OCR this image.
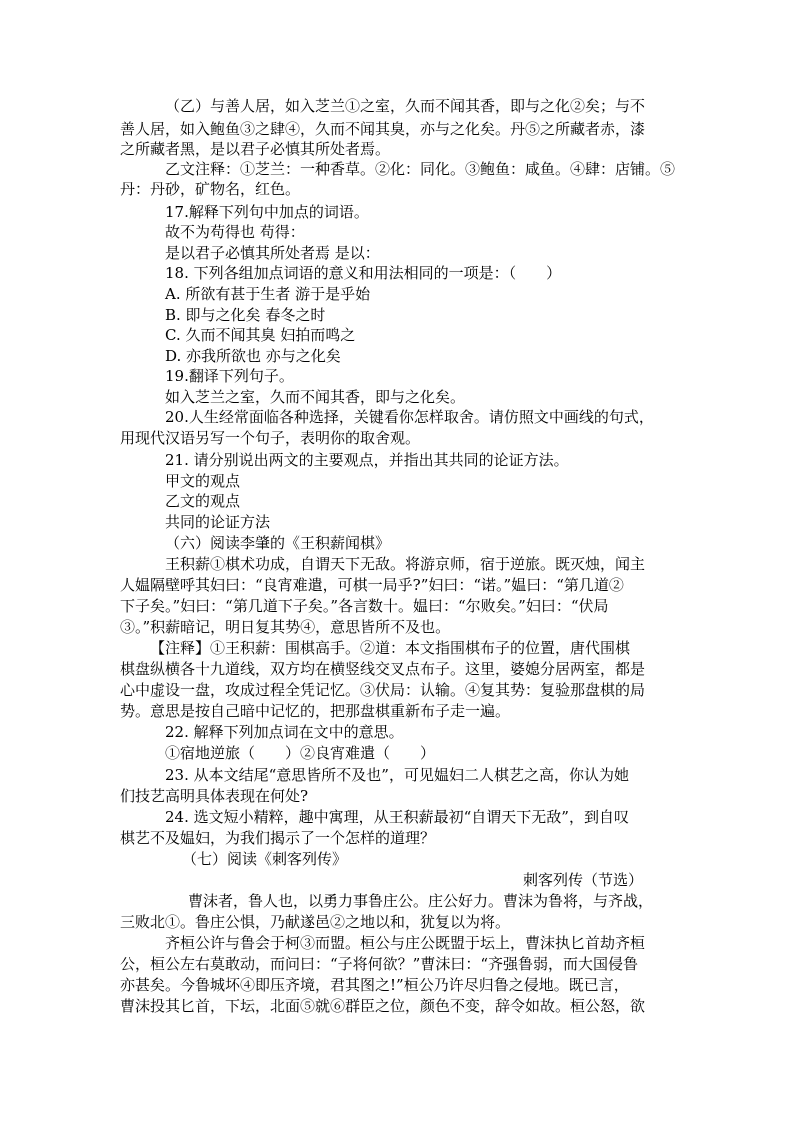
（乙）与善人居，如入芝兰①之室，久而不闻其香，即与之化②矣；与不
善人居，如入鲍鱼③之肆④，久而不闻其臭，亦与之化矣。丹⑤之所藏者赤，漆
之所藏者黑，是以君子必慎其所处者焉。
乙文注释：①芝兰：一种香草。②化：同化。③鲍鱼：咸鱼。④肆：店铺。⑤
丹：丹砂，矿物名，红色。
17.解释下列句中加点的词语。
故不为苟得也 苟得：
是以君子必慎其所处者焉 是以：
18. 下列各组加点词语的意义和用法相同的一项是：（　　）
A. 所欲有甚于生者 游于是乎始
B. 即与之化矣 春冬之时
C. 久而不闻其臭 妇拍而鸣之
D. 亦我所欲也 亦与之化矣
19.翻译下列句子。
如入芝兰之室，久而不闻其香，即与之化矣。
20.人生经常面临各种选择，关键看你怎样取舍。请仿照文中画线的句式，
用现代汉语另写一个句子，表明你的取舍观。
21. 请分别说出两文的主要观点，并指出其共同的论证方法。
甲文的观点
乙文的观点
共同的论证方法
（六）阅读李肇的《王积薪闻棋》
王积薪①棋术功成，自谓天下无敌。将游京师，宿于逆旅。既灭烛，闻主
人媪隔壁呼其妇曰：“良宵难遣，可棋一局乎?”妇曰：“诺。”媪曰：“第几道②
下子矣。”妇曰：“第几道下子矣。”各言数十。媪曰：“尔败矣。”妇曰：“伏局
③。”积薪暗记，明日复其势④，意思皆所不及也。
【注释】①王积薪：围棋高手。②道：本文指围棋布子的位置，唐代围棋
棋盘纵横各十九道线，双方均在横竖线交叉点布子。这里，婆媳分居两室，都是
心中虚设一盘，攻成过程全凭记忆。③伏局：认输。④复其势：复验那盘棋的局
势。意思是按自己暗中记忆的，把那盘棋重新布子走一遍。
22. 解释下列加点词在文中的意思。
①宿地逆旅（　　）②良宵难遣（　　）
23. 从本文结尾“意思皆所不及也”，可见媪妇二人棋艺之高，你认为她
们技艺高明具体表现在何处?
24. 选文短小精粹，趣中寓理，从王积薪最初“自谓天下无敌”，到自叹
棋艺不及媪妇，为我们揭示了一个怎样的道理？
（七）阅读《刺客列传》
刺客列传（节选）
曹沫者，鲁人也，以勇力事鲁庄公。庄公好力。曹沫为鲁将，与齐战，
三败北①。鲁庄公惧，乃献遂邑②之地以和，犹复以为将。
齐桓公许与鲁会于柯③而盟。桓公与庄公既盟于坛上，曹沫执匕首劫齐桓
公，桓公左右莫敢动，而问曰：“子将何欲？”曹沫曰：“齐强鲁弱，而大国侵鲁
亦甚矣。今鲁城坏④即压齐境，君其图之!”桓公乃许尽归鲁之侵地。既已言，
曹沫投其匕首，下坛，北面⑤就⑥群臣之位，颜色不变，辞令如故。桓公怒，欲
